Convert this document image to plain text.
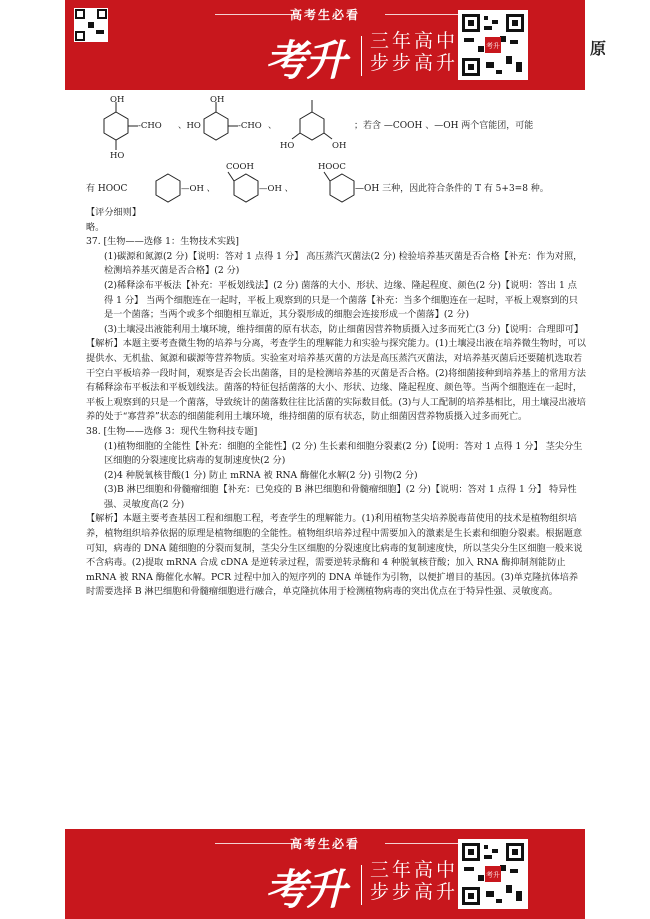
高考生必看
考升 三年高中
步步高升
考升	原
OH
-CHO
HO
、HO
OH
-CHO 、
HO	OH
；若含 —COOH 、—OH 两个官能团，可能
有 HOOC	—OH 、
COOH
—OH 、
HOOC
—OH 三种，因此符合条件的 T 有 5+3=8 种。

【评分细则】

略。

37. [生物——选修 1：生物技术实践]

(1)碳源和氮源(2 分)【说明：答对 1 点得 1 分】 高压蒸汽灭菌法(2 分) 检验培养基灭菌是否合格【补充：作为对照，检测培养基灭菌是否合格】(2 分)

(2)稀释涂布平板法【补充：平板划线法】(2 分) 菌落的大小、形状、边缘、隆起程度、颜色(2 分)【说明：答出 1 点得 1 分】 当两个细胞连在一起时，平板上观察到的只是一个菌落【补充：当多个细胞连在一起时，平板上观察到的只是一个菌落；当两个或多个细胞相互靠近，其分裂形成的细胞会连接形成一个菌落】(2 分)

(3)土壤浸出液能利用土壤环境，维持细菌的原有状态，防止细菌因营养物质摄入过多而死亡(3 分)【说明：合理即可】

【解析】本题主要考查微生物的培养与分离，考查学生的理解能力和实验与探究能力。(1)土壤浸出液在培养微生物时，可以提供水、无机盐、氮源和碳源等营养物质。实验室对培养基灭菌的方法是高压蒸汽灭菌法，对培养基灭菌后还要随机选取若干空白平板培养一段时间，观察是否会长出菌落，目的是检测培养基的灭菌是否合格。(2)将细菌接种到培养基上的常用方法有稀释涂布平板法和平板划线法。菌落的特征包括菌落的大小、形状、边缘、隆起程度、颜色等。当两个细胞连在一起时，平板上观察到的只是一个菌落，导致统计的菌落数往往比活菌的实际数目低。(3)与人工配制的培养基相比，用土壤浸出液培养的处于“寡营养”状态的细菌能利用土壤环境，维持细菌的原有状态，防止细菌因营养物质摄入过多而死亡。

38. [生物——选修 3：现代生物科技专题]

(1)植物细胞的全能性【补充：细胞的全能性】(2 分) 生长素和细胞分裂素(2 分)【说明：答对 1 点得 1 分】 茎尖分生区细胞的分裂速度比病毒的复制速度快(2 分)

(2)4 种脱氧核苷酸(1 分) 防止 mRNA 被 RNA 酶催化水解(2 分) 引物(2 分)

(3)B 淋巴细胞和骨髓瘤细胞【补充：已免疫的 B 淋巴细胞和骨髓瘤细胞】(2 分)【说明：答对 1 点得 1 分】 特异性强、灵敏度高(2 分)

【解析】本题主要考查基因工程和细胞工程，考查学生的理解能力。(1)利用植物茎尖培养脱毒苗使用的技术是植物组织培养，植物组织培养依据的原理是植物细胞的全能性。植物组织培养过程中需要加入的激素是生长素和细胞分裂素。根据题意可知，病毒的 DNA 随细胞的分裂而复制，茎尖分生区细胞的分裂速度比病毒的复制速度快，所以茎尖分生区细胞一般来说不含病毒。(2)提取 mRNA 合成 cDNA 是逆转录过程，需要逆转录酶和 4 种脱氧核苷酸；加入 RNA 酶抑制剂能防止 mRNA 被 RNA 酶催化水解。PCR 过程中加入的短序列的 DNA 单链作为引物，以便扩增目的基因。(3)单克隆抗体培养时需要选择 B 淋巴细胞和骨髓瘤细胞进行融合，单克隆抗体用于检测植物病毒的突出优点在于特异性强、灵敏度高。

高考生必看
考升 三年高中
步步高升
考升
